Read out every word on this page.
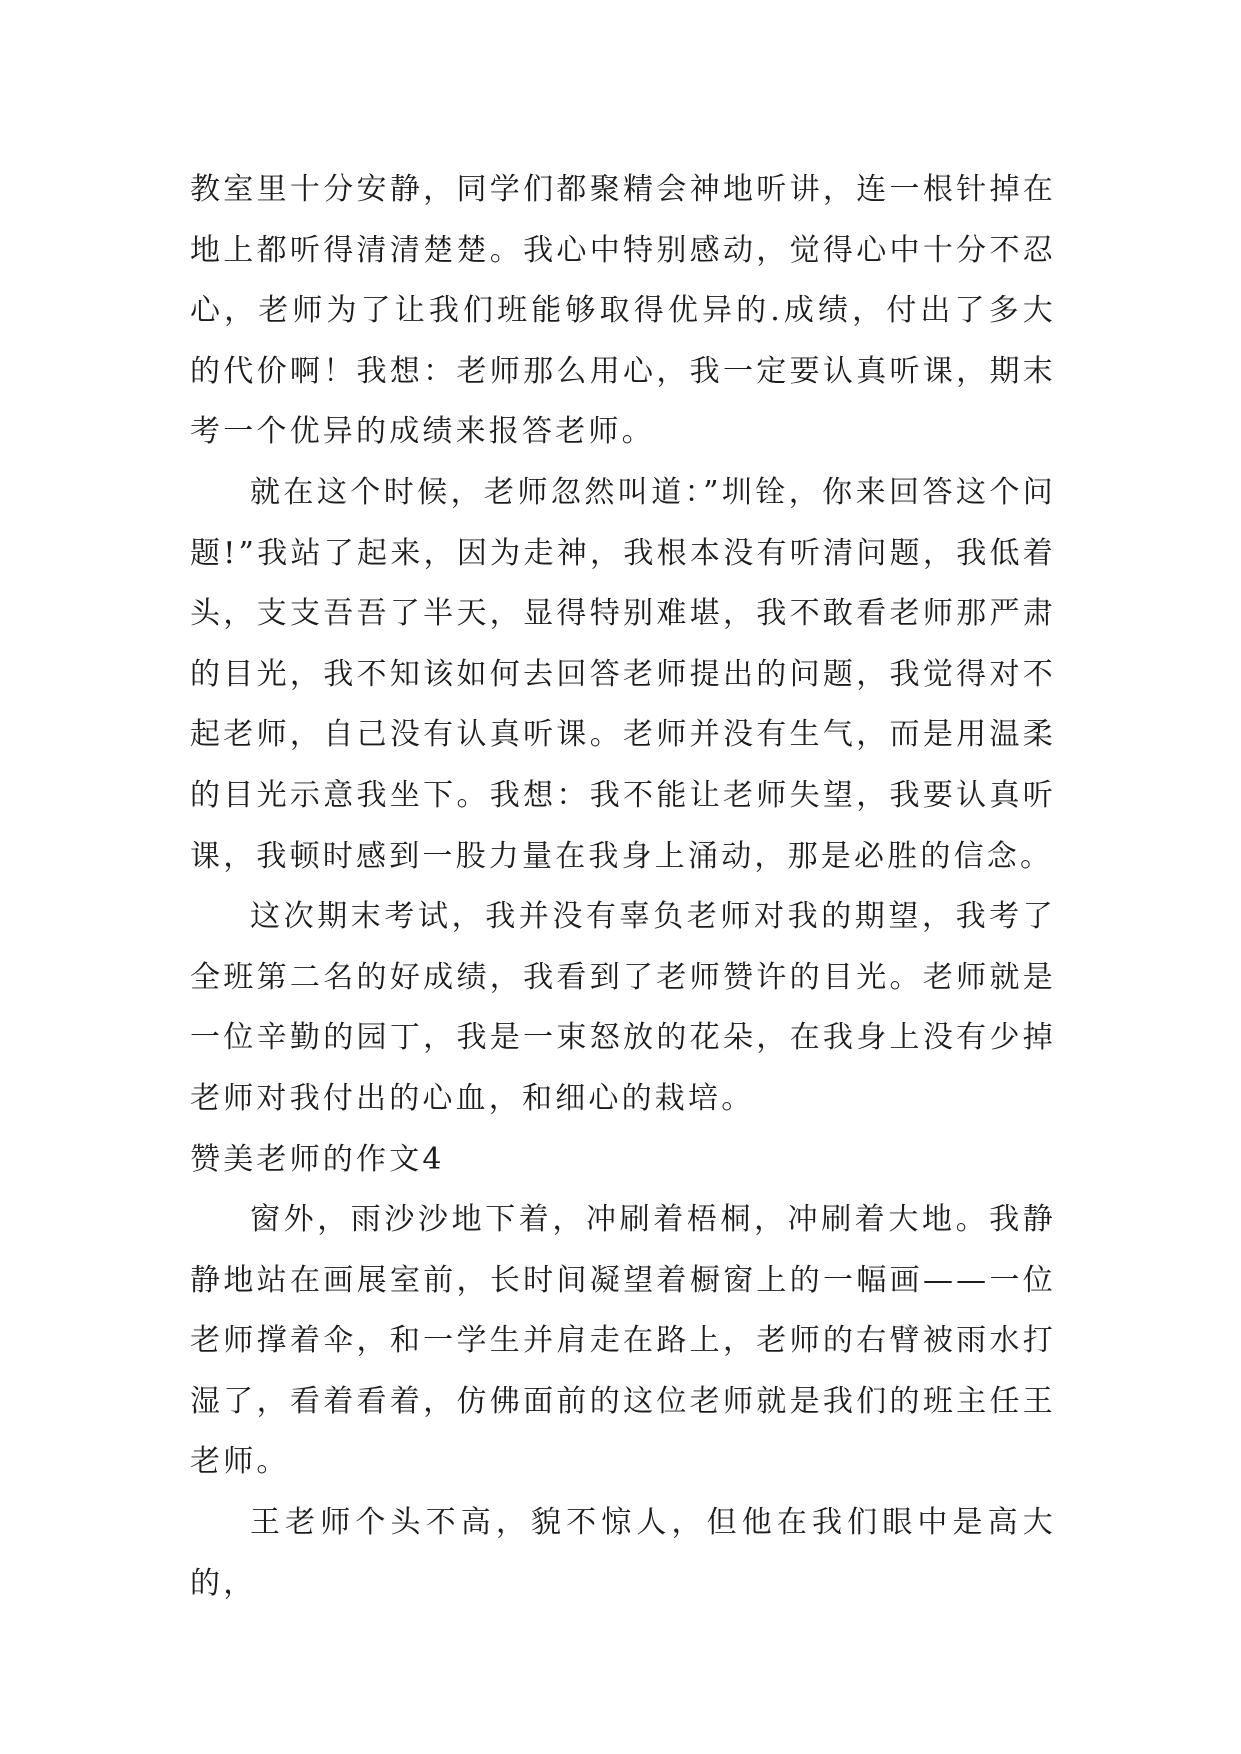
教室里十分安静，同学们都聚精会神地听讲，连一根针掉在地上都听得清清楚楚。我心中特别感动，觉得心中十分不忍心，老师为了让我们班能够取得优异的.成绩，付出了多大的代价啊！我想：老师那么用心，我一定要认真听课，期末考一个优异的成绩来报答老师。

就在这个时候，老师忽然叫道：”圳铨，你来回答这个问题!”我站了起来，因为走神，我根本没有听清问题，我低着头，支支吾吾了半天，显得特别难堪，我不敢看老师那严肃的目光，我不知该如何去回答老师提出的问题，我觉得对不起老师，自己没有认真听课。老师并没有生气，而是用温柔的目光示意我坐下。我想：我不能让老师失望，我要认真听课，我顿时感到一股力量在我身上涌动，那是必胜的信念。

这次期末考试，我并没有辜负老师对我的期望，我考了全班第二名的好成绩，我看到了老师赞许的目光。老师就是一位辛勤的园丁，我是一束怒放的花朵，在我身上没有少掉老师对我付出的心血，和细心的栽培。

赞美老师的作文4

窗外，雨沙沙地下着，冲刷着梧桐，冲刷着大地。我静静地站在画展室前，长时间凝望着橱窗上的一幅画——一位老师撑着伞，和一学生并肩走在路上，老师的右臂被雨水打湿了，看着看着，仿佛面前的这位老师就是我们的班主任王老师。

王老师个头不高，貌不惊人，但他在我们眼中是高大的，
